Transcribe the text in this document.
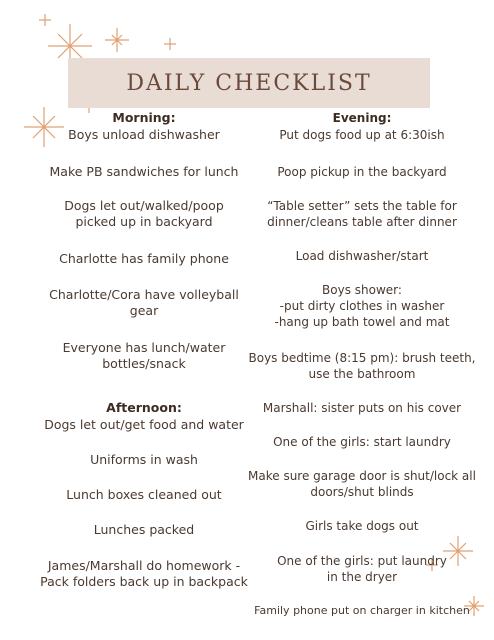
DAILY CHECKLIST
Morning:
Boys unload dishwasher
Make PB sandwiches for lunch
Dogs let out/walked/poop
picked up in backyard
Charlotte has family phone
Charlotte/Cora have volleyball
gear
Everyone has lunch/water
bottles/snack
Afternoon:
Dogs let out/get food and water
Uniforms in wash
Lunch boxes cleaned out
Lunches packed
James/Marshall do homework -
Pack folders back up in backpack
Evening:
Put dogs food up at 6:30ish
Poop pickup in the backyard
“Table setter” sets the table for
dinner/cleans table after dinner
Load dishwasher/start
Boys shower:
-put dirty clothes in washer
-hang up bath towel and mat
Boys bedtime (8:15 pm): brush teeth,
use the bathroom
Marshall: sister puts on his cover
One of the girls: start laundry
Make sure garage door is shut/lock all
doors/shut blinds
Girls take dogs out
One of the girls: put laundry
in the dryer
Family phone put on charger in kitchen
